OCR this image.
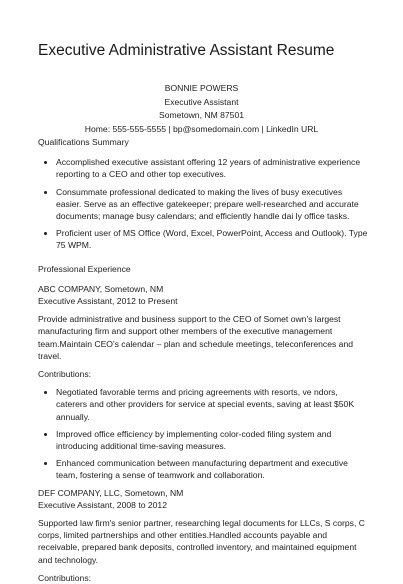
Executive Administrative Assistant Resume
BONNIE POWERS
Executive Assistant
Sometown, NM 87501
Home: 555-555-5555 | bp@somedomain.com | LinkedIn URL
Qualifications Summary
• Accomplished executive assistant offering 12 years of administrative experience reporting to a CEO and other top executives.
• Consummate professional dedicated to making the lives of busy executives easier. Serve as an effective gatekeeper; prepare well-researched and accurate documents; manage busy calendars; and efficiently handle dai ly office tasks.
• Proficient user of MS Office (Word, Excel, PowerPoint, Access and Outlook). Type 75 WPM.
Professional Experience

ABC COMPANY, Sometown, NM

Executive Assistant, 2012 to Present

Provide administrative and business support to the CEO of Somet own's largest manufacturing firm and support other members of the executive management team.Maintain CEO's calendar – plan and schedule meetings, teleconferences and travel.

Contributions:

• Negotiated favorable terms and pricing agreements with resorts, ve ndors, caterers and other providers for service at special events, saving at least $50K annually.
• Improved office efficiency by implementing color-coded filing system and introducing additional time-saving measures.
• Enhanced communication between manufacturing department and executive team, fostering a sense of teamwork and collaboration.

DEF COMPANY, LLC, Sometown, NM

Executive Assistant, 2008 to 2012

Supported law firm's senior partner, researching legal documents for LLCs, S corps, C corps, limited partnerships and other entities.Handled accounts payable and receivable, prepared bank deposits, controlled inventory, and maintained equipment and technology.

Contributions:
